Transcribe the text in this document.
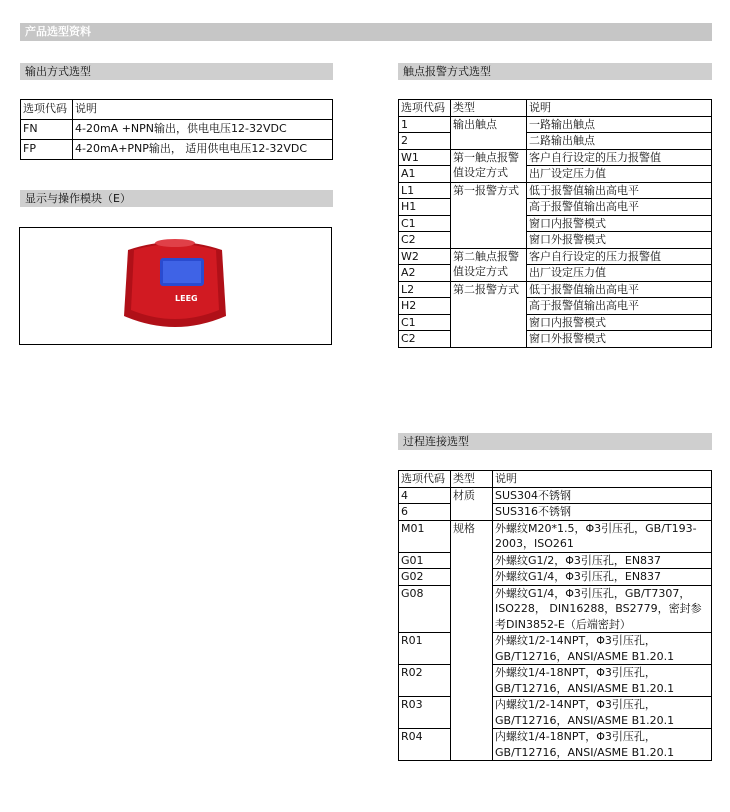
产品选型资料
输出方式选型
选项代码	说明
FN	4-20mA +NPN输出，供电电压12-32VDC
FP	4-20mA+PNP输出， 适用供电电压12-32VDC
显示与操作模块（E）
LEEG
触点报警方式选型
选项代码	类型	说明
1	输出触点	一路输出触点
2		二路输出触点
W1	第一触点报警值设定方式	客户自行设定的压力报警值
A1		出厂设定压力值
L1	第一报警方式	低于报警值输出高电平
H1		高于报警值输出高电平
C1		窗口内报警模式
C2		窗口外报警模式
W2	第二触点报警值设定方式	客户自行设定的压力报警值
A2		出厂设定压力值
L2	第二报警方式	低于报警值输出高电平
H2		高于报警值输出高电平
C1		窗口内报警模式
C2		窗口外报警模式
过程连接选型
选项代码	类型	说明
4	材质	SUS304不锈钢
6		SUS316不锈钢
M01	规格	外螺纹M20*1.5，Φ3引压孔，GB/T193-2003，ISO261
G01		外螺纹G1/2，Φ3引压孔，EN837
G02		外螺纹G1/4，Φ3引压孔，EN837
G08		外螺纹G1/4，Φ3引压孔，GB/T7307，ISO228， DIN16288，BS2779，密封参考DIN3852-E（后端密封）
R01		外螺纹1/2-14NPT，Φ3引压孔，GB/T12716，ANSI/ASME B1.20.1
R02		外螺纹1/4-18NPT，Φ3引压孔，GB/T12716，ANSI/ASME B1.20.1
R03		内螺纹1/2-14NPT，Φ3引压孔，GB/T12716，ANSI/ASME B1.20.1
R04		内螺纹1/4-18NPT，Φ3引压孔，GB/T12716，ANSI/ASME B1.20.1
